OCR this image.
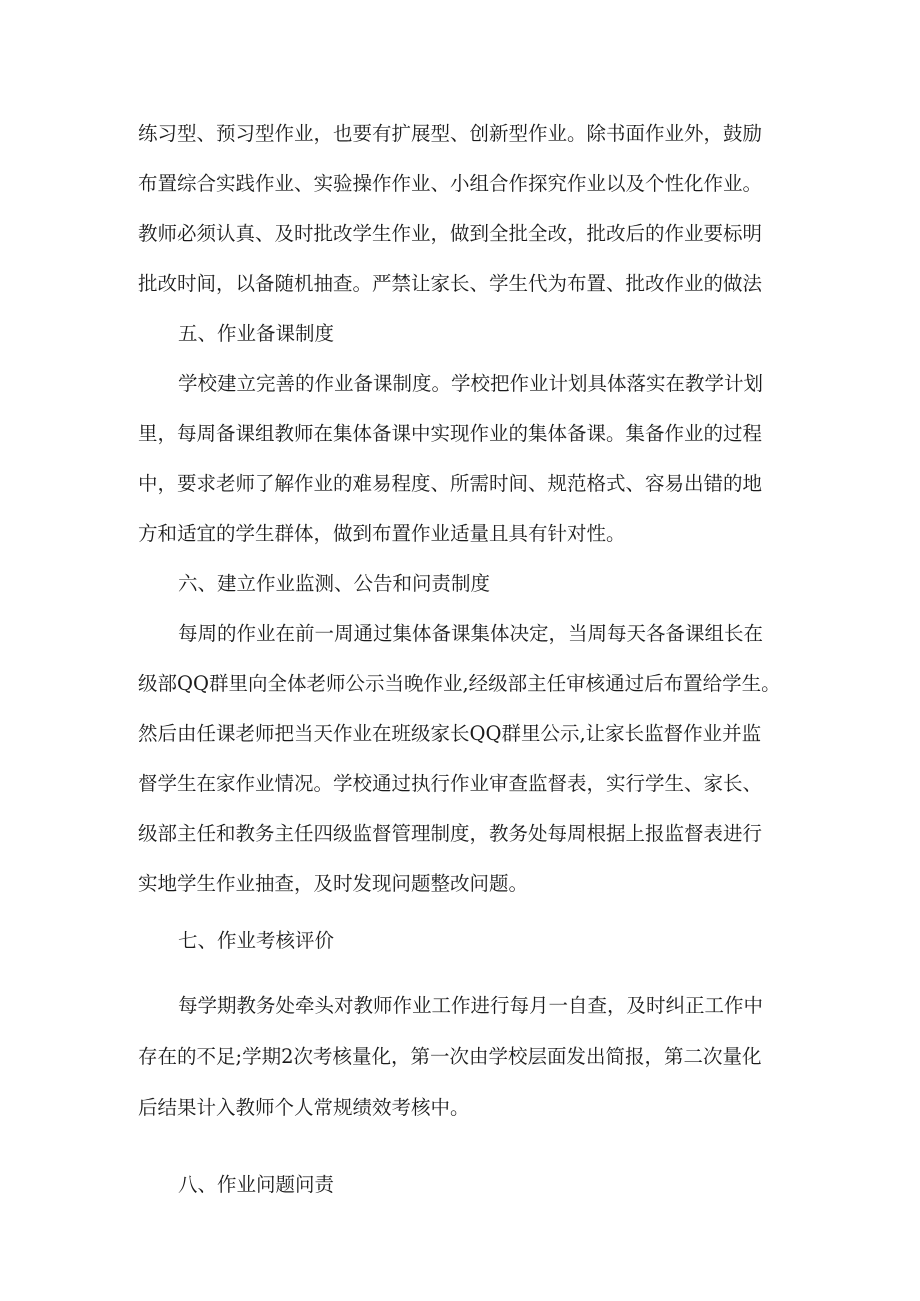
练习型、预习型作业，也要有扩展型、创新型作业。除书面作业外，鼓励
布置综合实践作业、实验操作作业、小组合作探究作业以及个性化作业。
教师必须认真、及时批改学生作业，做到全批全改，批改后的作业要标明
批改时间，以备随机抽查。严禁让家长、学生代为布置、批改作业的做法
五、作业备课制度
学校建立完善的作业备课制度。学校把作业计划具体落实在教学计划
里，每周备课组教师在集体备课中实现作业的集体备课。集备作业的过程
中，要求老师了解作业的难易程度、所需时间、规范格式、容易出错的地
方和适宜的学生群体，做到布置作业适量且具有针对性。
六、建立作业监测、公告和问责制度
每周的作业在前一周通过集体备课集体决定，当周每天各备课组长在
级部QQ群里向全体老师公示当晚作业,经级部主任审核通过后布置给学生。
然后由任课老师把当天作业在班级家长QQ群里公示,让家长监督作业并监
督学生在家作业情况。学校通过执行作业审查监督表，实行学生、家长、
级部主任和教务主任四级监督管理制度，教务处每周根据上报监督表进行
实地学生作业抽查，及时发现问题整改问题。
七、作业考核评价
每学期教务处牵头对教师作业工作进行每月一自查，及时纠正工作中
存在的不足;学期2次考核量化，第一次由学校层面发出简报，第二次量化
后结果计入教师个人常规绩效考核中。
八、作业问题问责
